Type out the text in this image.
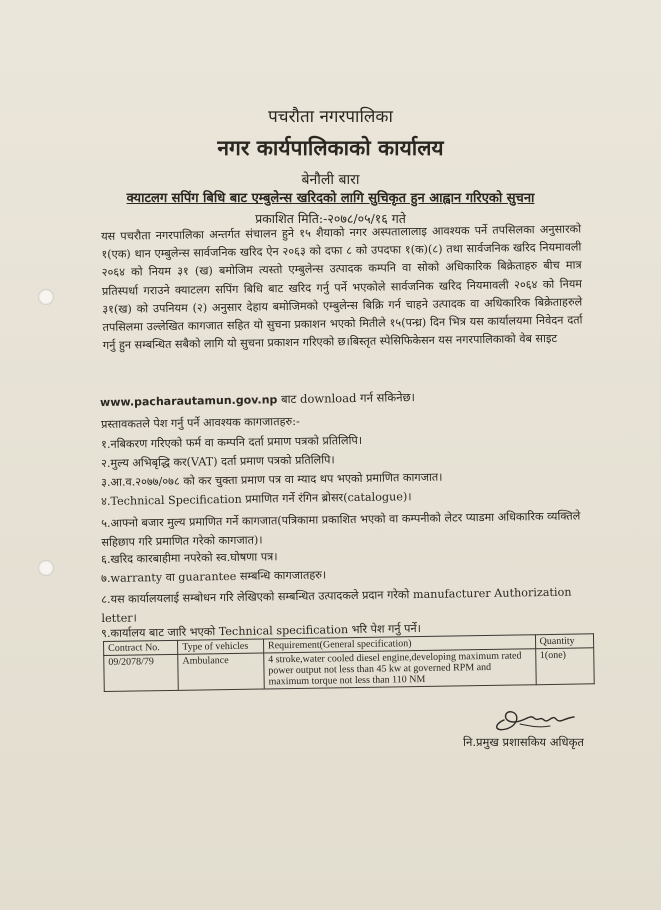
पचरौता नगरपालिका
नगर कार्यपालिकाको कार्यालय
बेनौली बारा
क्याटलग सपिंग बिधि बाट एम्बुलेन्स खरिदको लागि सुचिकृत हुन आह्वान गरिएको सुचना
प्रकाशित मिति:-२०७८/०५/१६ गते
यस पचरौता नगरपालिका अन्तर्गत संचालन हुने १५ शैयाको नगर अस्पतालालाइ आवश्यक पर्ने तपसिलका अनुसारको १(एक) थान एम्बुलेन्स सार्वजनिक खरिद ऐन २०६३ को दफा ८ को उपदफा १(क)(८) तथा सार्वजनिक खरिद नियमावली २०६४ को नियम ३१ (ख) बमोजिम त्यस्तो एम्बुलेन्स उत्पादक कम्पनि वा सोको अधिकारिक बिक्रेताहरु बीच मात्र प्रतिस्पर्धा गराउने क्याटलग सपिंग बिधि बाट खरिद गर्नु पर्ने भएकोले सार्वजनिक खरिद नियमावली २०६४ को नियम ३१(ख) को उपनियम (२) अनुसार देहाय बमोजिमको एम्बुलेन्स बिक्रि गर्न चाहने उत्पादक वा अधिकारिक बिक्रेताहरुले तपसिलमा उल्लेखित कागजात सहित यो सुचना प्रकाशन भएको मितीले १५(पन्ध्र) दिन भित्र यस कार्यालयमा निवेदन दर्ता गर्नु हुन सम्बन्धित सबैको लागि यो सुचना प्रकाशन गरिएको छ।बिस्तृत स्पेसिफिकेसन यस नगरपालिकाको वेब साइट
www.pacharautamun.gov.np बाट download गर्न सकिनेछ।
प्रस्तावकतले पेश गर्नु पर्ने आवश्यक कागजातहरु:-
१.नबिकरण गरिएको फर्म वा कम्पनि दर्ता प्रमाण पत्रको प्रतिलिपि।
२.मुल्य अभिबृद्धि कर(VAT) दर्ता प्रमाण पत्रको प्रतिलिपि।
३.आ.व.२०७७/०७८ को कर चुक्ता प्रमाण पत्र वा म्याद थप भएको प्रमाणित कागजात।
४.Technical Specification प्रमाणित गर्ने रंगिन ब्रोसर(catalogue)।
५.आफ्नो बजार मुल्य प्रमाणित गर्ने कागजात(पत्रिकामा प्रकाशित भएको वा कम्पनीको लेटर प्याडमा अधिकारिक व्यक्तिले सहिछाप गरि प्रमाणित गरेको कागजात)।
६.खरिद कारबाहीमा नपरेको स्व.घोषणा पत्र।
७.warranty वा guarantee सम्बन्धि कागजातहरु।
८.यस कार्यालयलाई सम्बोधन गरि लेखिएको सम्बन्धित उत्पादकले प्रदान गरेको manufacturer Authorization letter।
९.कार्यालय बाट जारि भएको Technical specification भरि पेश गर्नु पर्ने।
Contract No.	Type of vehicles	Requirement(General specification)	Quantity
09/2078/79	Ambulance	4 stroke,water cooled diesel engine,developing maximum rated power output not less than 45 kw at governed RPM and maximum torque not less than 110 NM	1(one)
नि.प्रमुख प्रशासकिय अधिकृत
